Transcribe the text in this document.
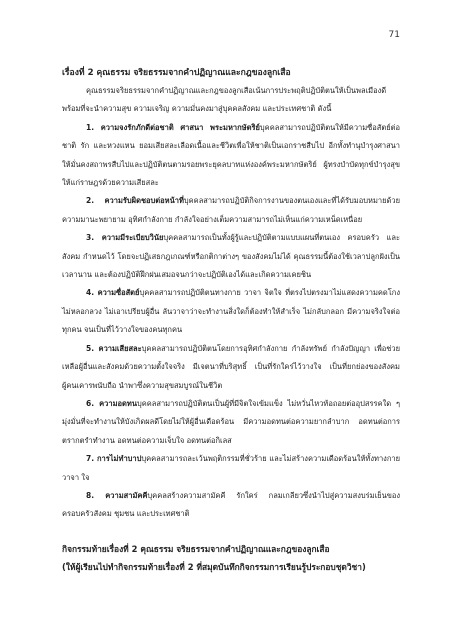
71

เรื่องที่ 2 คุณธรรม จริยธรรมจากคำปฏิญาณและกฎของลูกเสือ

คุณธรรมจริยธรรมจากคำปฏิญาณและกฎของลูกเสือเน้นการประพฤติปฏิบัติตนให้เป็นพลเมืองดี พร้อมที่จะนำความสุข ความเจริญ ความมั่นคงมาสู่บุคคลสังคม และประเทศชาติ ดังนี้

1. ความจงรักภักดีต่อชาติ ศาสนา พระมหากษัตริย์บุคคลสามารถปฏิบัติตนให้มีความซื่อสัตย์ต่อชาติ รัก และหวงแหน ยอมเสียสละเลือดเนื้อและชีวิตเพื่อให้ชาติเป็นเอกราชสืบไป อีกทั้งทำนุบำรุงศาสนาให้มั่นคงสถาพรสืบไปและปฏิบัติตนตามรอยพระยุคลบาทแห่งองค์พระมหากษัตริย์ ผู้ทรงบำบัดทุกข์บำรุงสุขให้แก่ราษฎรด้วยความเสียสละ

2. ความรับผิดชอบต่อหน้าที่บุคคลสามารถปฏิบัติกิจการงานของตนเองและที่ได้รับมอบหมายด้วยความมานะพยายาม อุทิศกำลังกาย กำลังใจอย่างเต็มความสามารถไม่เห็นแก่ความเหน็ดเหนื่อย

3. ความมีระเบียบวินัยบุคคลสามารถเป็นทั้งผู้รู้และปฏิบัติตามแบบแผนที่ตนเอง ครอบครัว และสังคม กำหนดไว้ โดยจะปฏิเสธกฎเกณฑ์หรือกติกาต่างๆ ของสังคมไม่ได้ คุณธรรมนี้ต้องใช้เวลาปลูกฝังเป็นเวลานาน และต้องปฏิบัติฝึกฝนเสมอจนกว่าจะปฏิบัติเองได้และเกิดความเคยชิน

4. ความซื่อสัตย์บุคคลสามารถปฏิบัติตนทางกาย วาจา จิตใจ ที่ตรงไปตรงมาไม่แสดงความคดโกง ไม่หลอกลวง ไม่เอาเปรียบผู้อื่น ลันวาจาว่าจะทำงานสิ่งใดก็ต้องทำให้สำเร็จ ไม่กลับกลอก มีความจริงใจต่อทุกคน จนเป็นที่ไว้วางใจของคนทุกคน

5. ความเสียสละบุคคลสามารถปฏิบัติตนโดยการอุทิศกำลังกาย กำลังทรัพย์ กำลังปัญญา เพื่อช่วยเหลือผู้อื่นและสังคมด้วยความตั้งใจจริง มีเจตนาที่บริสุทธิ์ เป็นที่รักใคร่ไว้วางใจ เป็นที่ยกย่องของสังคม ผู้คนเคารพนับถือ นำพาซึ่งความสุขสมบูรณ์ในชีวิต

6. ความอดทนบุคคลสามารถปฏิบัติตนเป็นผู้ที่มีจิตใจเข้มแข็ง ไม่หวั่นไหวท้อถอยต่ออุปสรรคใด ๆ มุ่งมั่นที่จะทำงานให้บังเกิดผลดีโดยไม่ให้ผู้อื่นเดือดร้อน มีความอดทนต่อความยากลำบาก อดทนต่อการตรากตรำทำงาน อดทนต่อความเจ็บใจ อดทนต่อกิเลส

7. การไม่ทำบาปบุคคลสามารถละเว้นพฤติกรรมที่ชั่วร้าย และไม่สร้างความเดือดร้อนให้ทั้งทางกาย วาจา ใจ

8. ความสามัคคีบุคคลสร้างความสามัคคี รักใคร่ กลมเกลียวซึ่งนำไปสู่ความสงบร่มเย็นของครอบครัวสังคม ชุมชน และประเทศชาติ

กิจกรรมท้ายเรื่องที่ 2 คุณธรรม จริยธรรมจากคำปฏิญาณและกฎของลูกเสือ

(ให้ผู้เรียนไปทำกิจกรรมท้ายเรื่องที่ 2 ที่สมุดบันทึกกิจกรรมการเรียนรู้ประกอบชุดวิชา)
